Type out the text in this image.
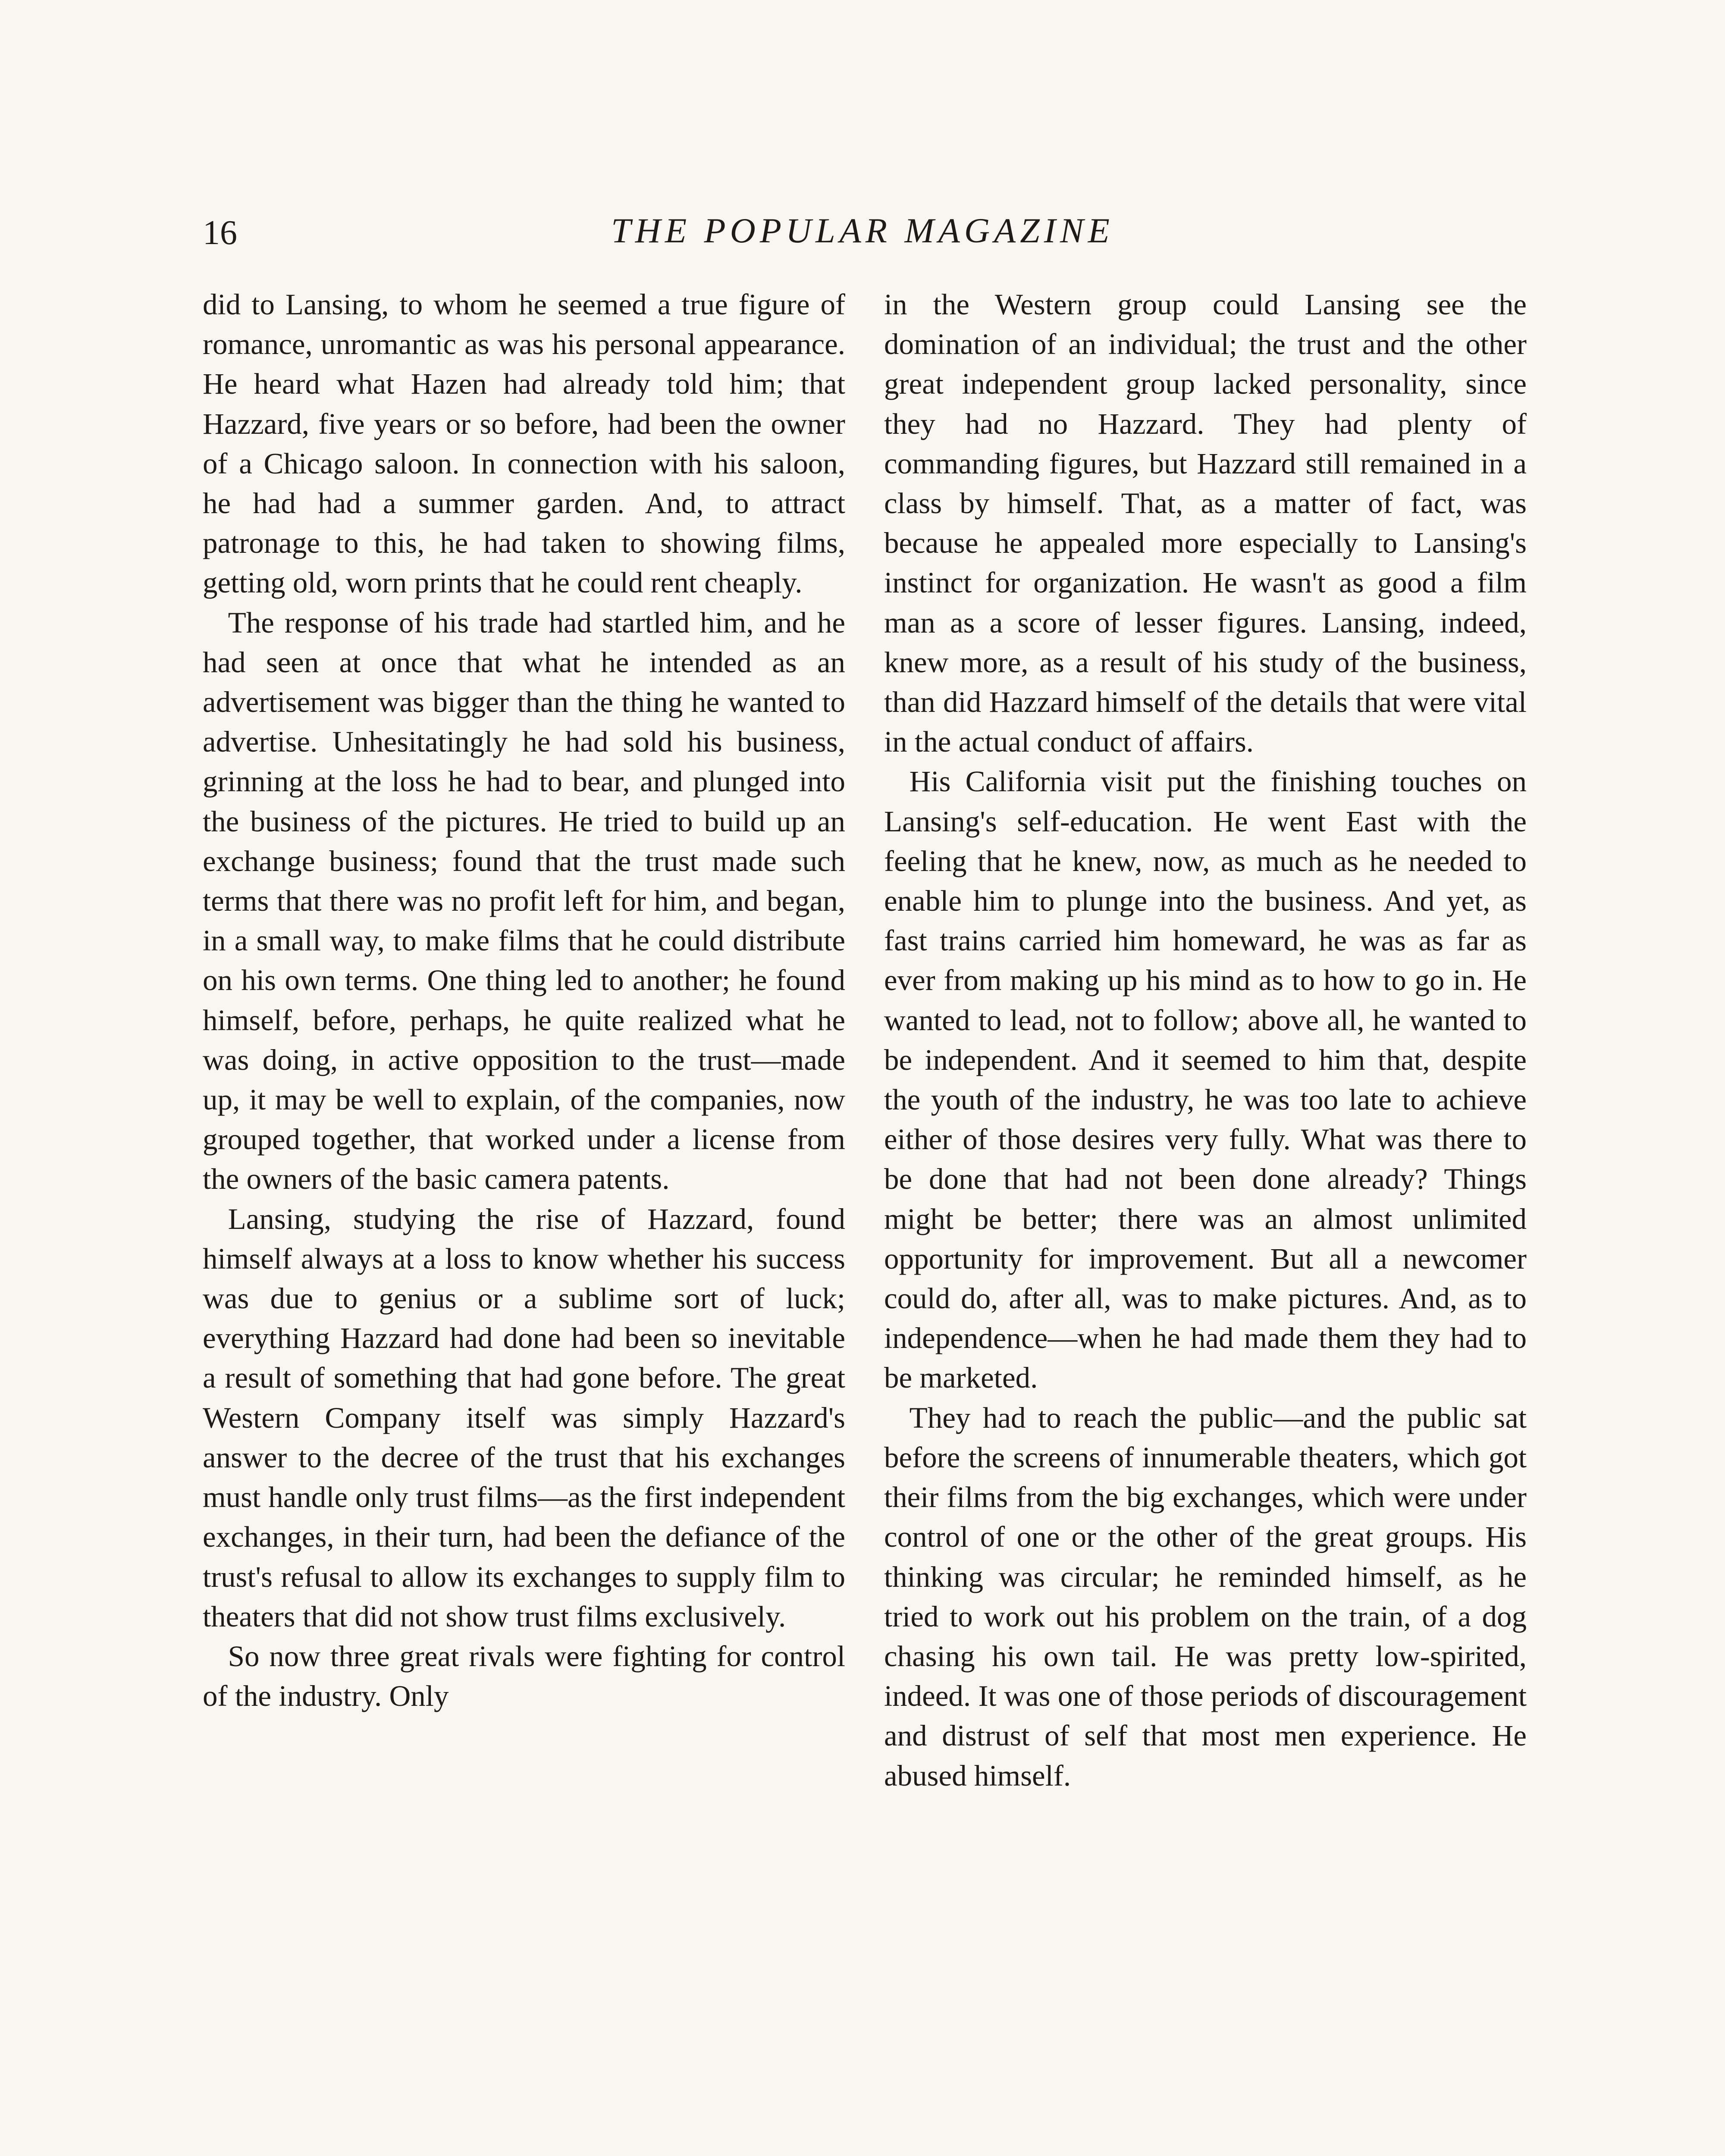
16	THE POPULAR MAGAZINE

did to Lansing, to whom he seemed a true figure of romance, unromantic as was his personal appearance. He heard what Hazen had already told him; that Hazzard, five years or so before, had been the owner of a Chicago saloon. In connection with his saloon, he had had a summer garden. And, to attract patronage to this, he had taken to showing films, getting old, worn prints that he could rent cheaply.

The response of his trade had startled him, and he had seen at once that what he intended as an advertisement was bigger than the thing he wanted to advertise. Unhesitatingly he had sold his business, grinning at the loss he had to bear, and plunged into the business of the pictures. He tried to build up an exchange business; found that the trust made such terms that there was no profit left for him, and began, in a small way, to make films that he could distribute on his own terms. One thing led to another; he found himself, before, perhaps, he quite realized what he was doing, in active opposition to the trust—made up, it may be well to explain, of the companies, now grouped together, that worked under a license from the owners of the basic camera patents.

Lansing, studying the rise of Hazzard, found himself always at a loss to know whether his success was due to genius or a sublime sort of luck; everything Hazzard had done had been so inevitable a result of something that had gone before. The great Western Company itself was simply Hazzard's answer to the decree of the trust that his exchanges must handle only trust films—as the first independent exchanges, in their turn, had been the defiance of the trust's refusal to allow its exchanges to supply film to theaters that did not show trust films exclusively.

So now three great rivals were fighting for control of the industry. Only

in the Western group could Lansing see the domination of an individual; the trust and the other great independent group lacked personality, since they had no Hazzard. They had plenty of commanding figures, but Hazzard still remained in a class by himself. That, as a matter of fact, was because he appealed more especially to Lansing's instinct for organization. He wasn't as good a film man as a score of lesser figures. Lansing, indeed, knew more, as a result of his study of the business, than did Hazzard himself of the details that were vital in the actual conduct of affairs.

His California visit put the finishing touches on Lansing's self-education. He went East with the feeling that he knew, now, as much as he needed to enable him to plunge into the business. And yet, as fast trains carried him homeward, he was as far as ever from making up his mind as to how to go in. He wanted to lead, not to follow; above all, he wanted to be independent. And it seemed to him that, despite the youth of the industry, he was too late to achieve either of those desires very fully. What was there to be done that had not been done already? Things might be better; there was an almost unlimited opportunity for improvement. But all a newcomer could do, after all, was to make pictures. And, as to independence—when he had made them they had to be marketed.

They had to reach the public—and the public sat before the screens of innumerable theaters, which got their films from the big exchanges, which were under control of one or the other of the great groups. His thinking was circular; he reminded himself, as he tried to work out his problem on the train, of a dog chasing his own tail. He was pretty low-spirited, indeed. It was one of those periods of discouragement and distrust of self that most men experience. He abused himself.
